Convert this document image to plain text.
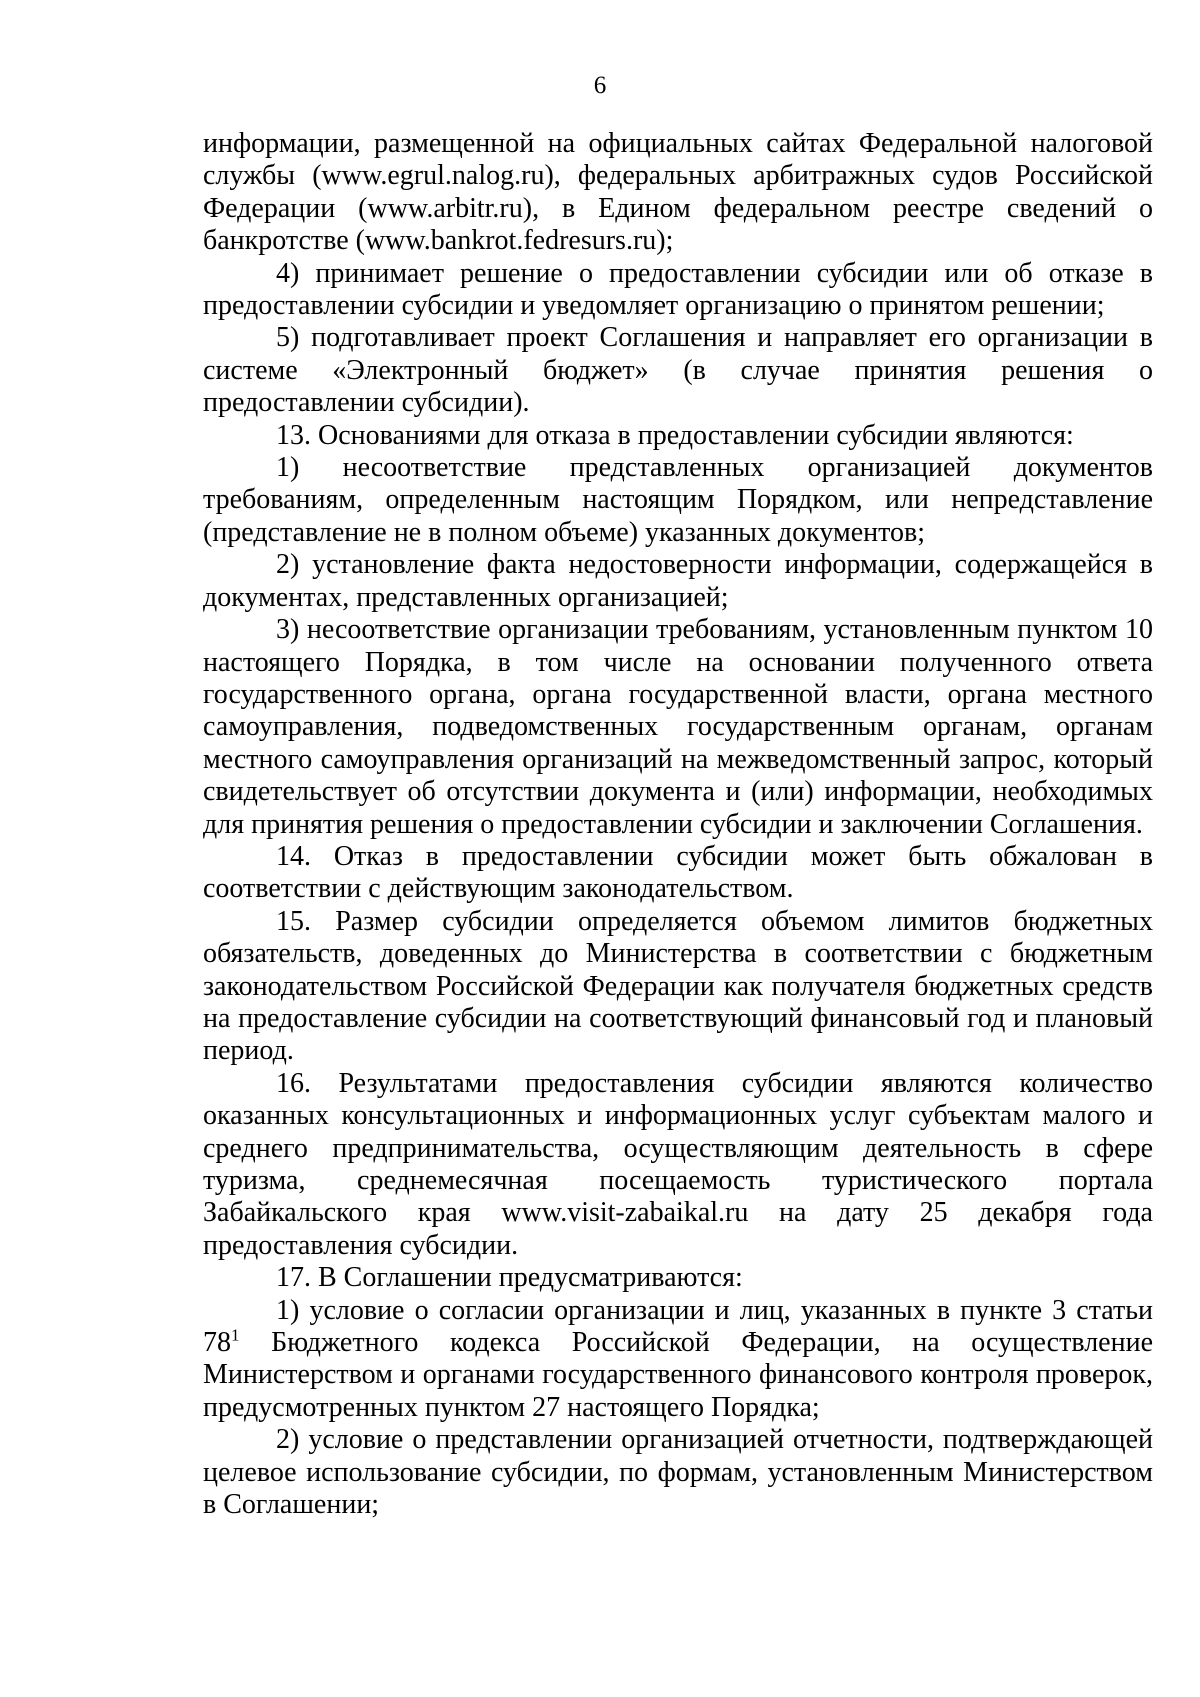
6

информации, размещенной на официальных сайтах Федеральной налоговой службы (www.egrul.nalog.ru), федеральных арбитражных судов Российской Федерации (www.arbitr.ru), в Едином федеральном реестре сведений о банкротстве (www.bankrot.fedresurs.ru);

4) принимает решение о предоставлении субсидии или об отказе в предоставлении субсидии и уведомляет организацию о принятом решении;

5) подготавливает проект Соглашения и направляет его организации в системе «Электронный бюджет» (в случае принятия решения о предоставлении субсидии).

13. Основаниями для отказа в предоставлении субсидии являются:

1) несоответствие представленных организацией документов требованиям, определенным настоящим Порядком, или непредставление (представление не в полном объеме) указанных документов;

2) установление факта недостоверности информации, содержащейся в документах, представленных организацией;

3) несоответствие организации требованиям, установленным пунктом 10 настоящего Порядка, в том числе на основании полученного ответа государственного органа, органа государственной власти, органа местного самоуправления, подведомственных государственным органам, органам местного самоуправления организаций на межведомственный запрос, который свидетельствует об отсутствии документа и (или) информации, необходимых для принятия решения о предоставлении субсидии и заключении Соглашения.

14. Отказ в предоставлении субсидии может быть обжалован в соответствии с действующим законодательством.

15. Размер субсидии определяется объемом лимитов бюджетных обязательств, доведенных до Министерства в соответствии с бюджетным законодательством Российской Федерации как получателя бюджетных средств на предоставление субсидии на соответствующий финансовый год и плановый период.

16. Результатами предоставления субсидии являются количество оказанных консультационных и информационных услуг субъектам малого и среднего предпринимательства, осуществляющим деятельность в сфере туризма, среднемесячная посещаемость туристического портала Забайкальского края www.visit-zabaikal.ru на дату 25 декабря года предоставления субсидии.

17. В Соглашении предусматриваются:

1) условие о согласии организации и лиц, указанных в пункте 3 статьи $78^1$ Бюджетного кодекса Российской Федерации, на осуществление Министерством и органами государственного финансового контроля проверок, предусмотренных пунктом 27 настоящего Порядка;

2) условие о представлении организацией отчетности, подтверждающей целевое использование субсидии, по формам, установленным Министерством в Соглашении;
